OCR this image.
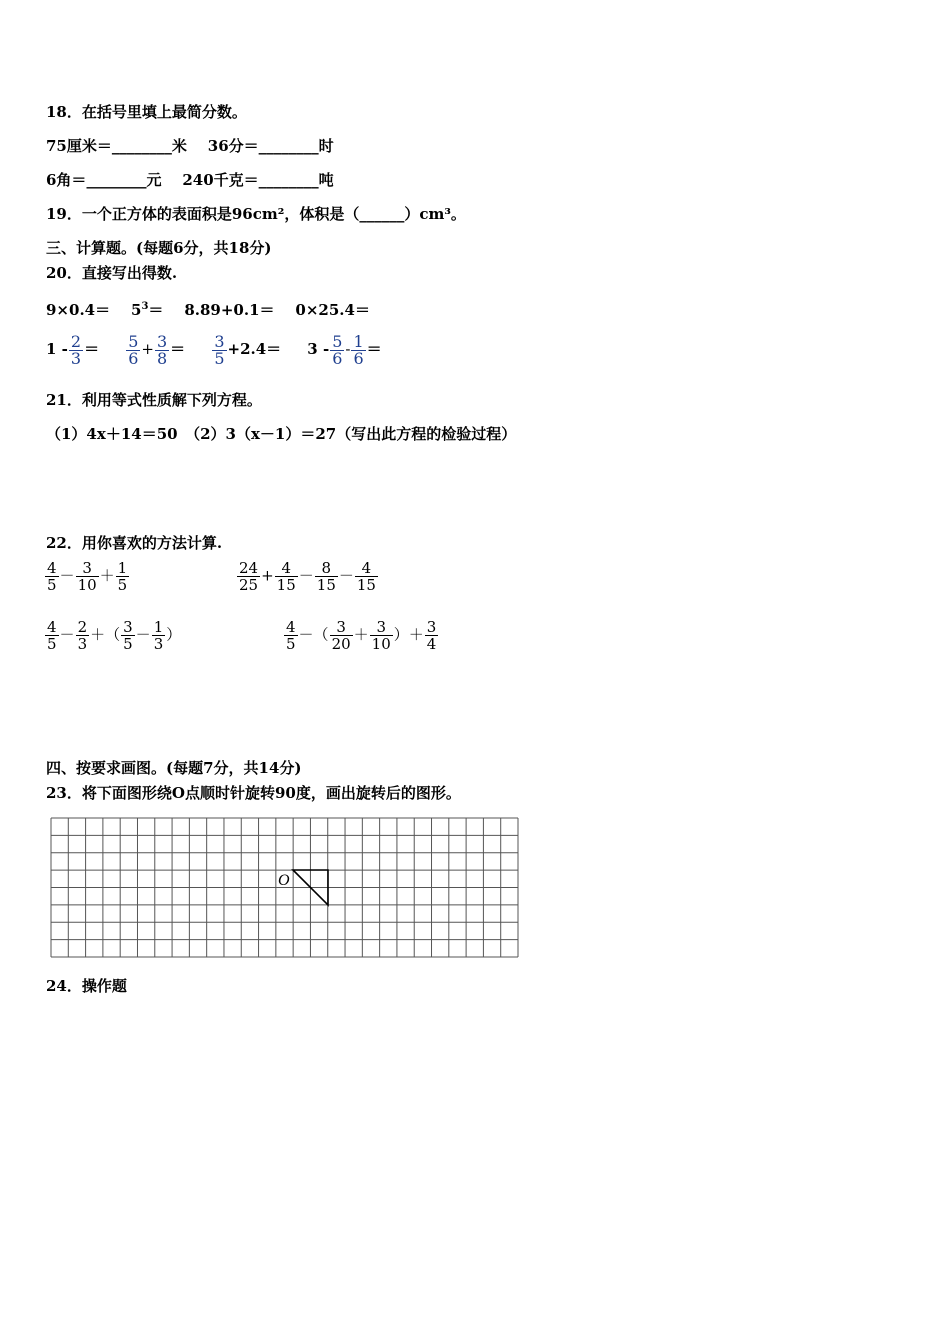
18．在括号里填上最简分数。
75厘米＝________米 36分＝________时
6角＝________元 240千克＝________吨
19．一个正方体的表面积是96cm²，体积是（______）cm³。
三、计算题。(每题6分，共18分)
20．直接写出得数.
$9\times 0.4= 5^3= 8.89+0.1= 0\times 25.4=$
$1 - \frac{2}{3} = \frac{5}{6} + \frac{3}{8} = \frac{3}{5} +2.4= 3 - \frac{5}{6} - \frac{1}{6}$ ＝
21．利用等式性质解下列方程。
（1）4x＋14＝50　（2）3（x－1）＝27（写出此方程的检验过程）
22．用你喜欢的方法计算.
$\frac{4}{5} - \frac{3}{10} + \frac{1}{5}$	$\frac{24}{25} + \frac{4}{15} - \frac{8}{15} - \frac{4}{15}$
$\frac{4}{5} - \frac{2}{3}$ ＋（ $\frac{3}{5} - \frac{1}{3}$ ）	$\frac{4}{5}$ －（ $\frac{3}{20} + \frac{3}{10}$ ）＋ $\frac{3}{4}$
四、按要求画图。(每题7分，共14分)
23．将下面图形绕O点顺时针旋转90度，画出旋转后的图形。
O
24．操作题
